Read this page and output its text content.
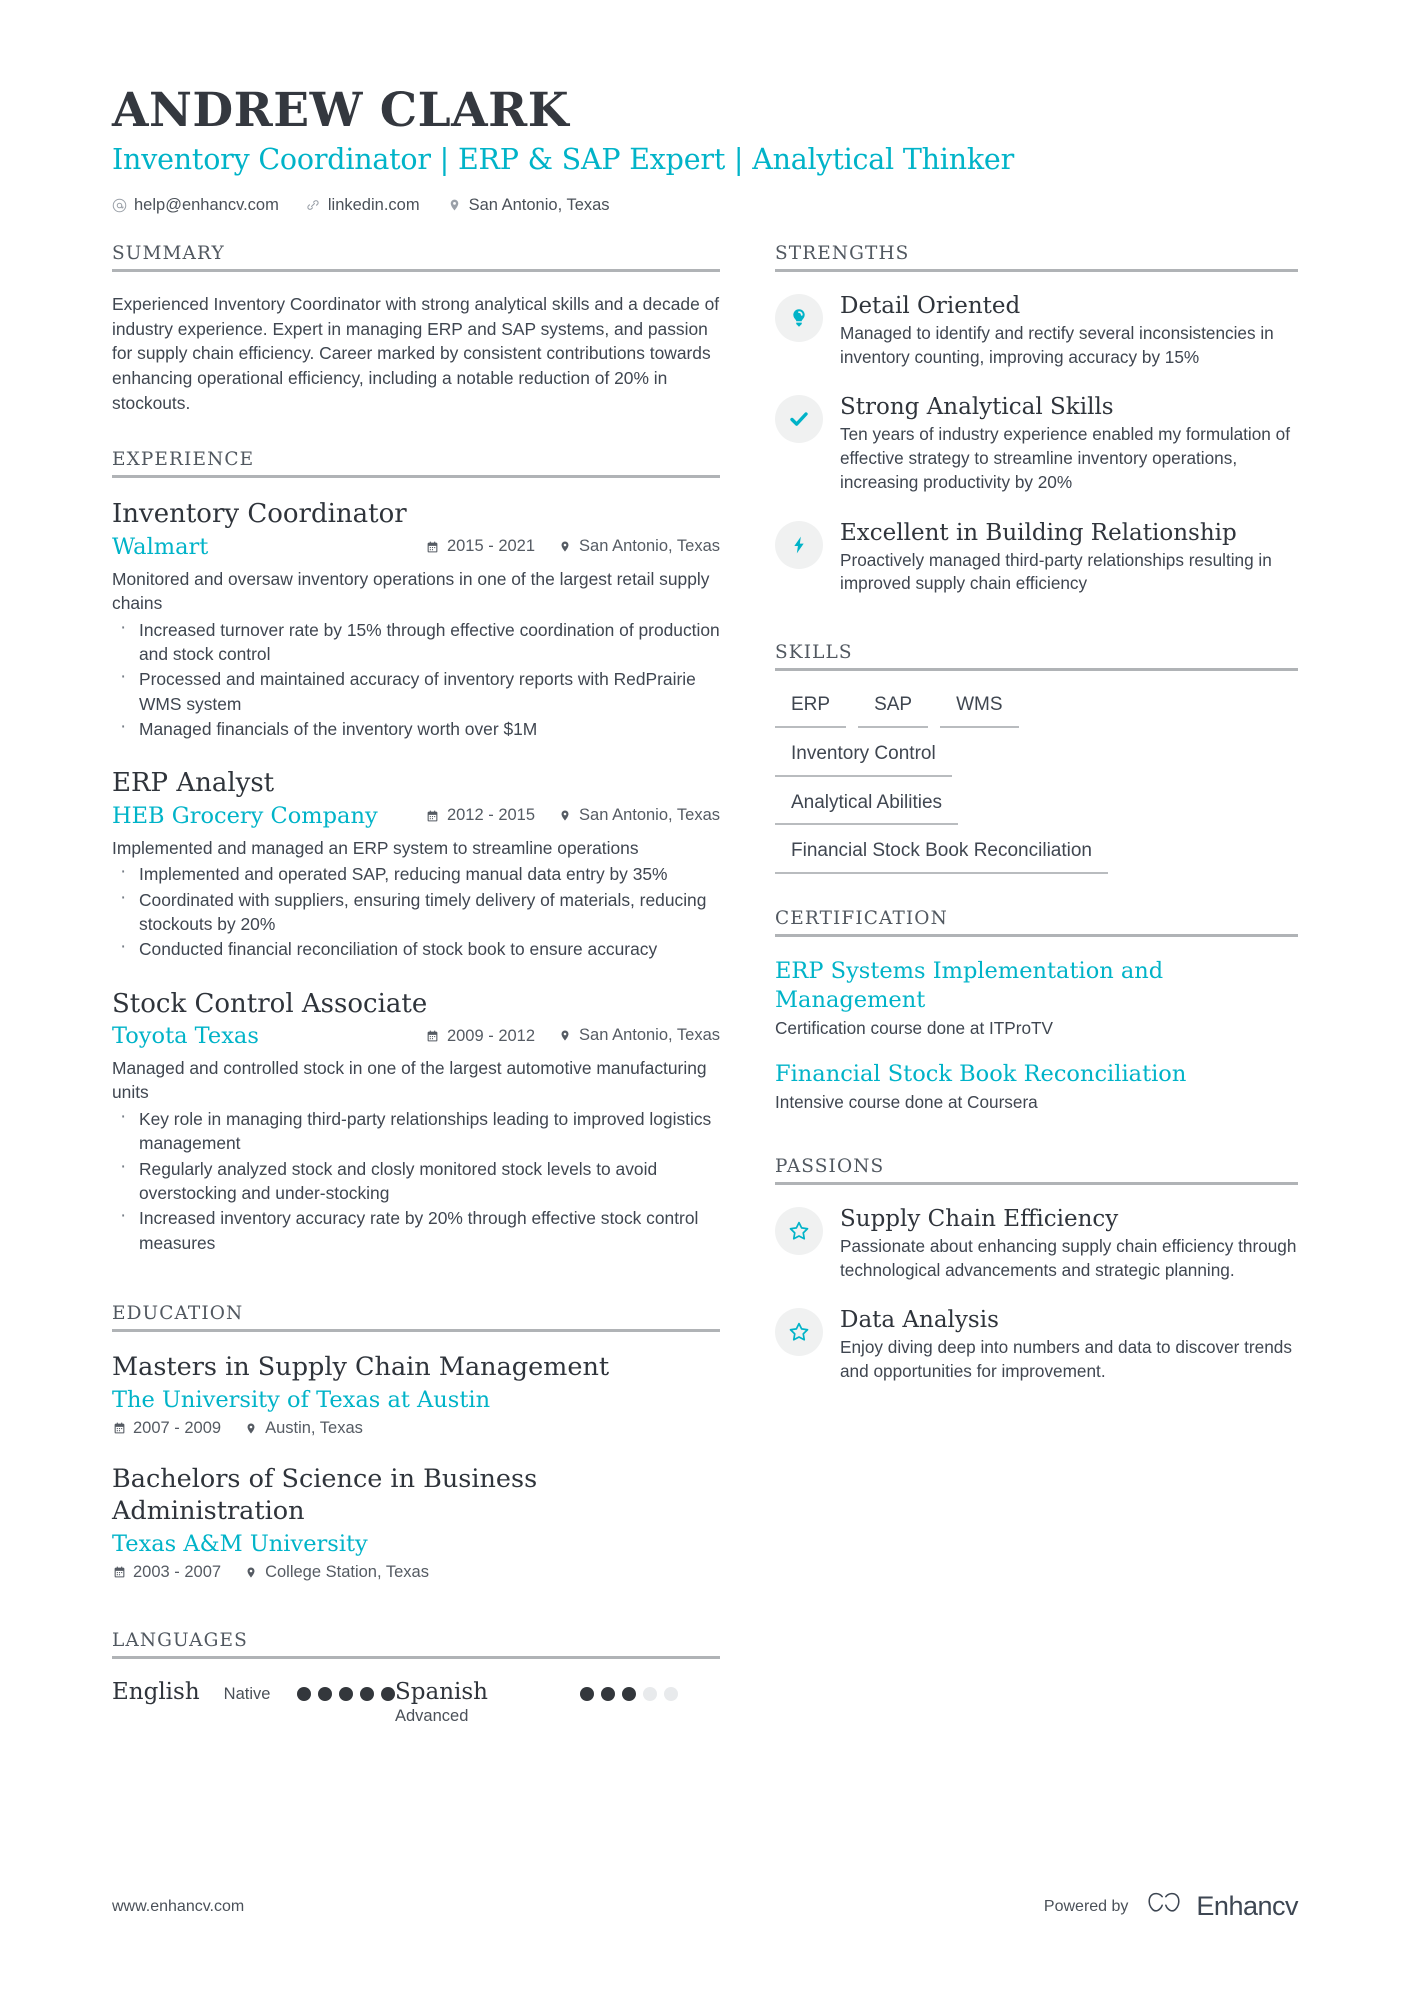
ANDREW CLARK
Inventory Coordinator | ERP & SAP Expert | Analytical Thinker
help@enhancv.com	linkedin.com	San Antonio, Texas
SUMMARY
Experienced Inventory Coordinator with strong analytical skills and a decade of industry experience. Expert in managing ERP and SAP systems, and passion for supply chain efficiency. Career marked by consistent contributions towards enhancing operational efficiency, including a notable reduction of 20% in stockouts.
EXPERIENCE
Inventory Coordinator
Walmart	2015 - 2021	San Antonio, Texas
Monitored and oversaw inventory operations in one of the largest retail supply chains
· Increased turnover rate by 15% through effective coordination of production and stock control
· Processed and maintained accuracy of inventory reports with RedPrairie WMS system
· Managed financials of the inventory worth over $1M
ERP Analyst
HEB Grocery Company	2012 - 2015	San Antonio, Texas
Implemented and managed an ERP system to streamline operations
· Implemented and operated SAP, reducing manual data entry by 35%
· Coordinated with suppliers, ensuring timely delivery of materials, reducing stockouts by 20%
· Conducted financial reconciliation of stock book to ensure accuracy
Stock Control Associate
Toyota Texas	2009 - 2012	San Antonio, Texas
Managed and controlled stock in one of the largest automotive manufacturing units
· Key role in managing third-party relationships leading to improved logistics management
· Regularly analyzed stock and closly monitored stock levels to avoid overstocking and under-stocking
· Increased inventory accuracy rate by 20% through effective stock control measures
EDUCATION
Masters in Supply Chain Management
The University of Texas at Austin
2007 - 2009	Austin, Texas
Bachelors of Science in Business Administration
Texas A&M University
2003 - 2007	College Station, Texas
LANGUAGES
English Native	Spanish
Advanced
STRENGTHS
Detail Oriented
Managed to identify and rectify several inconsistencies in inventory counting, improving accuracy by 15%
Strong Analytical Skills
Ten years of industry experience enabled my formulation of effective strategy to streamline inventory operations, increasing productivity by 20%
Excellent in Building Relationship
Proactively managed third-party relationships resulting in improved supply chain efficiency
SKILLS
ERP	SAP	WMS
Inventory Control
Analytical Abilities
Financial Stock Book Reconciliation
CERTIFICATION
ERP Systems Implementation and Management
Certification course done at ITProTV
Financial Stock Book Reconciliation
Intensive course done at Coursera
PASSIONS
Supply Chain Efficiency
Passionate about enhancing supply chain efficiency through technological advancements and strategic planning.
Data Analysis
Enjoy diving deep into numbers and data to discover trends and opportunities for improvement.
www.enhancv.com	Powered by	Enhancv
